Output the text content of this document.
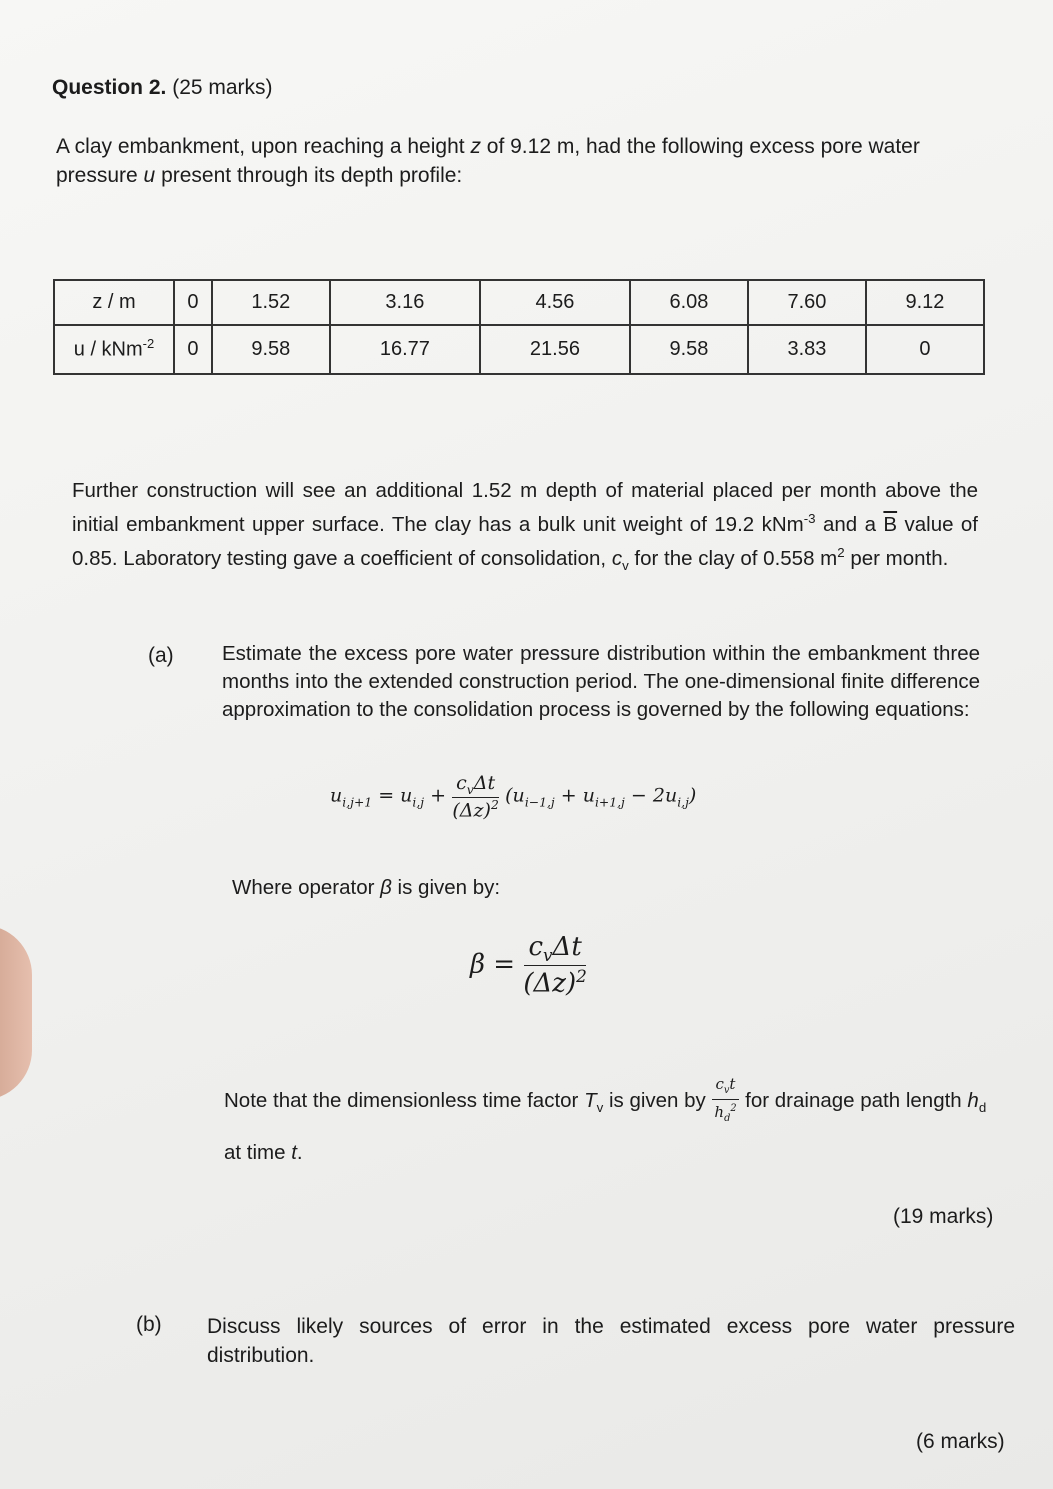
Question 2. (25 marks)
A clay embankment, upon reaching a height z of 9.12 m, had the following excess pore water pressure u present through its depth profile:
z / m	0	1.52	3.16	4.56	6.08	7.60	9.12
u / kNm$^{-2}$	0	9.58	16.77	21.56	9.58	3.83	0
Further construction will see an additional 1.52 m depth of material placed per month above the initial embankment upper surface. The clay has a bulk unit weight of 19.2 kNm$^{-3}$ and a $\overline{B}$ value of 0.85. Laboratory testing gave a coefficient of consolidation, $c_v$ for the clay of 0.558 $m^2$ per month.
(a) Estimate the excess pore water pressure distribution within the embankment three months into the extended construction period. The one-dimensional finite difference approximation to the consolidation process is governed by the following equations:
$u_{i,j+1} = u_{i,j} + \frac{c_v\Delta t}{(\Delta z)^2} (u_{i-1,j} + u_{i+1,j} - 2u_{i,j})$
Where operator β is given by:
$\beta = \frac{c_v\Delta t}{(\Delta z)^2}$
Note that the dimensionless time factor $T_v$ is given by $\frac{c_vt}{h_d^2}$ for drainage path length $h_d$ at time t.
(19 marks)
(b) Discuss likely sources of error in the estimated excess pore water pressure distribution.
(6 marks)
